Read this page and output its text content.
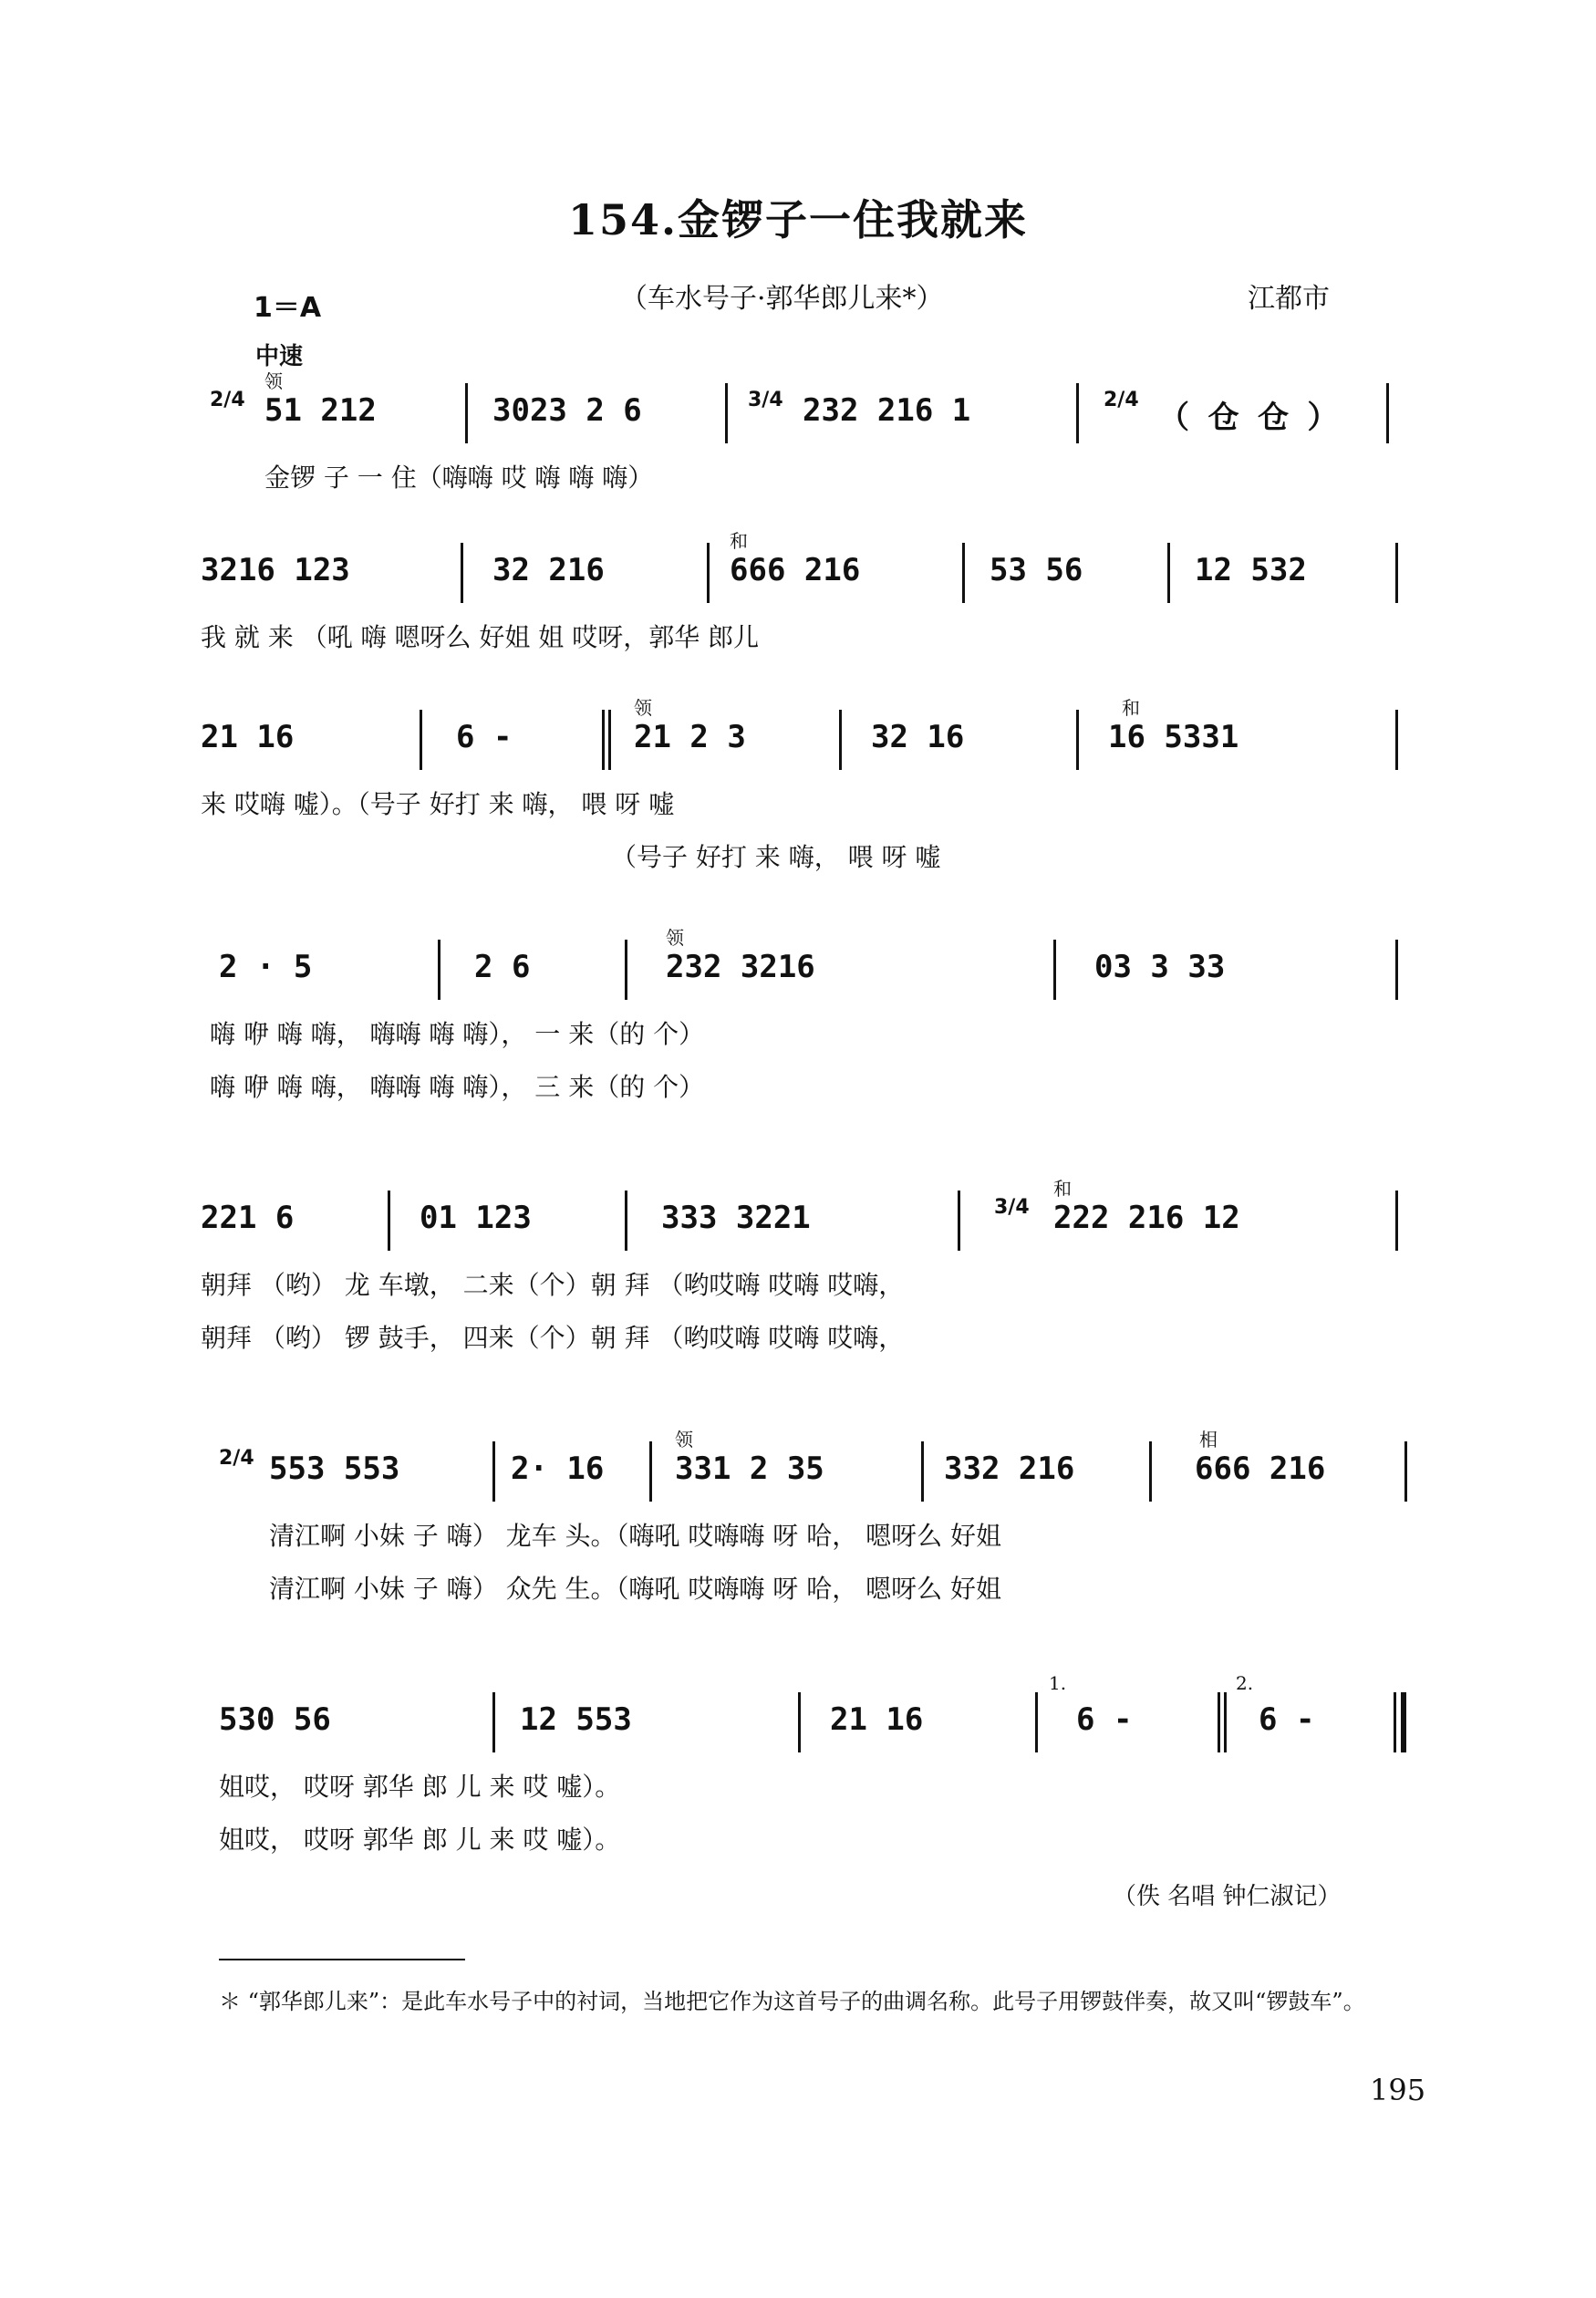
154.金锣子一住我就来
1＝A	（车水号子·郭华郎儿来*）	江都市
中速
领

2/4

51 212

	3023 2 6

	3/4

232 216 1

	2/4

（ 仓 仓 ）

金锣 子 一 住（嗨嗨 哎 嗨 嗨 嗨）
和

3216 123

	32 216

	666 216

	53 56

	12 532

我 就 来 （吼 嗨 嗯呀么 好姐 姐 哎呀，郭华 郎儿
领	和

21 16

	6 -

	21 2 3

	32 16

	16 5331

来 哎嗨 嘘）。（号子 好打 来 嗨， 喂 呀 嘘
（号子 好打 来 嗨， 喂 呀 嘘
领

2 · 5

	2 6

	232 3216

	03 3 33

嗨 咿 嗨 嗨， 嗨嗨 嗨 嗨）， 一 来（的 个）
嗨 咿 嗨 嗨， 嗨嗨 嗨 嗨）， 三 来（的 个）
和

221 6

	01 123

	333 3221

	3/4

222 216 12

朝拜 （哟） 龙 车墩， 二来（个）朝 拜 （哟哎嗨 哎嗨 哎嗨，
朝拜 （哟） 锣 鼓手， 四来（个）朝 拜 （哟哎嗨 哎嗨 哎嗨，
领	相

2/4

553 553

	2· 16

331 2 35

	332 216

	666 216

清江啊 小妹 子 嗨） 龙车 头。（嗨吼 哎嗨嗨 呀 哈， 嗯呀么 好姐
清江啊 小妹 子 嗨） 众先 生。（嗨吼 哎嗨嗨 呀 哈， 嗯呀么 好姐
1.	2.

530 56

	12 553

	21 16

	6 -

	6 -

姐哎， 哎呀 郭华 郎 儿 来 哎 嘘）。
姐哎， 哎呀 郭华 郎 儿 来 哎 嘘）。
（佚 名唱 钟仁淑记）
＊ “郭华郎儿来”：是此车水号子中的衬词，当地把它作为这首号子的曲调名称。此号子用锣鼓伴奏，故又叫“锣鼓车”。
195
